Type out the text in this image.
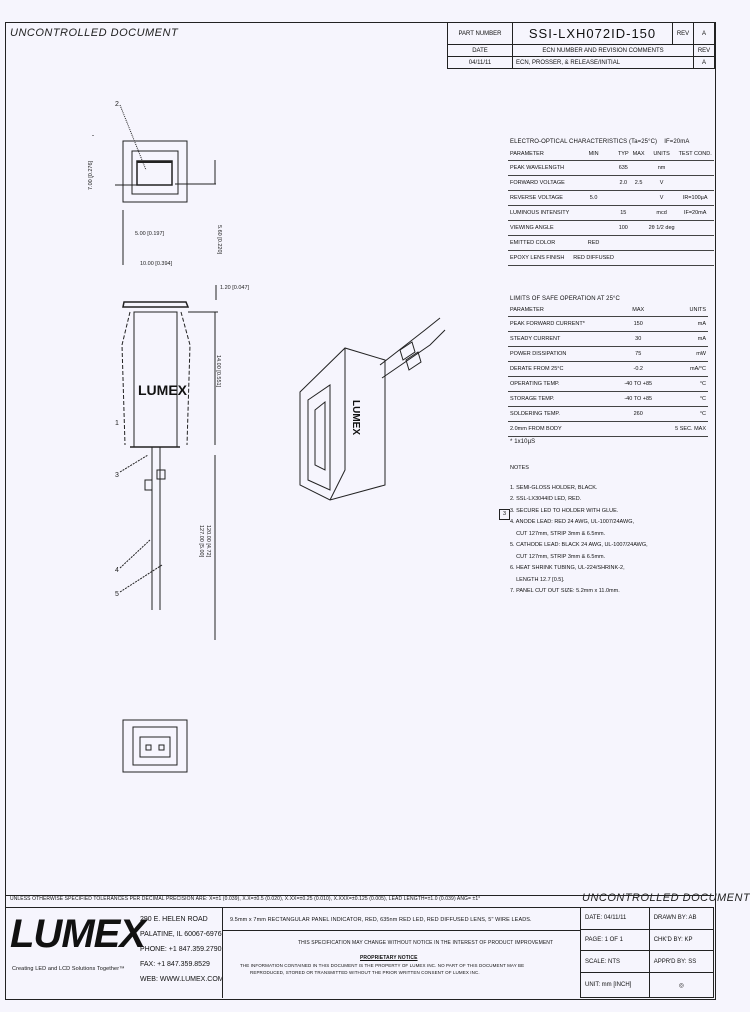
UNCONTROLLED DOCUMENT	PART NUMBER	SSI-LXH072ID-150	REV	A
DATE	ECN NUMBER AND REVISION COMMENTS		REV
04/11/11	ECN, PROSSER, & RELEASE/INITIAL		A
ELECTRO-OPTICAL CHARACTERISTICS (Ta=25°C) IF=20mA
PARAMETER	MIN	TYP	MAX	UNITS	TEST COND.
PEAK WAVELENGTH		635		nm	
FORWARD VOLTAGE		2.0	2.5	V	
REVERSE VOLTAGE	5.0			V	IR=100µA
LUMINOUS INTENSITY		15		mcd	IF=20mA
VIEWING ANGLE		100		2θ 1/2 deg	
EMITTED COLOR	RED				
EPOXY LENS FINISH	RED DIFFUSED				
LIMITS OF SAFE OPERATION AT 25°C
PARAMETER	MAX	UNITS
PEAK FORWARD CURRENT*	150	mA
STEADY CURRENT	30	mA
POWER DISSIPATION	75	mW
DERATE FROM 25°C	-0.2	mA/°C
OPERATING TEMP.	-40 TO +85	°C
STORAGE TEMP.	-40 TO +85	°C
SOLDERING TEMP.	260	°C
2.0mm FROM BODY		5 SEC. MAX
* 1x10µS
NOTES
1. SEMI-GLOSS HOLDER, BLACK.
2. SSL-LX3044ID LED, RED.
3. SECURE LED TO HOLDER WITH GLUE.
4. ANODE LEAD: RED 24 AWG, UL-1007/24AWG,
CUT 127mm, STRIP 3mm & 6.5mm.
5. CATHODE LEAD: BLACK 24 AWG, UL-1007/24AWG,
CUT 127mm, STRIP 3mm & 6.5mm.
6. HEAT SHRINK TUBING, UL-224/SHRINK-2,
LENGTH 12.7 [0.5].
7. PANEL CUT OUT SIZE: 5.2mm x 11.0mm.
3
2
5.00 [0.197]
10.00 [0.394]
7.00 [0.276]
5.60 [0.220]
1.20 [0.047]
LUMEX
1
3
4
5
14.00 [0.551]
127.00 [5.00] 120.00 [4.72]
LUMEX
UNLESS OTHERWISE SPECIFIED TOLERANCES PER DECIMAL PRECISION ARE: X=±1 (0.039), X.X=±0.5 (0.020), X.XX=±0.25 (0.010), X.XXX=±0.125 (0.005), LEAD LENGTH=±1.0 (0.039) ANG= ±1°	UNCONTROLLED DOCUMENT
LUMEX
Creating LED and LCD Solutions Together™
290 E. HELEN ROAD
PALATINE, IL 60067-6976
PHONE: +1 847.359.2790
FAX: +1 847.359.8529
WEB: WWW.LUMEX.COM
9.5mm x 7mm RECTANGULAR PANEL INDICATOR, RED, 635nm RED LED, RED DIFFUSED LENS, 5" WIRE LEADS.
THIS SPECIFICATION MAY CHANGE WITHOUT NOTICE IN THE INTEREST OF PRODUCT IMPROVEMENT
PROPRIETARY NOTICE
THE INFORMATION CONTAINED IN THIS DOCUMENT IS THE PROPERTY OF LUMEX INC. NO PART OF THIS DOCUMENT MAY BE
REPRODUCED, STORED OR TRANSMITTED WITHOUT THE PRIOR WRITTEN CONSENT OF LUMEX INC.
DATE: 04/11/11	DRAWN BY: AB
PAGE: 1 OF 1	CHK'D BY: KP
SCALE: NTS	APPR'D BY: SS
UNIT: mm [INCH]	◎
